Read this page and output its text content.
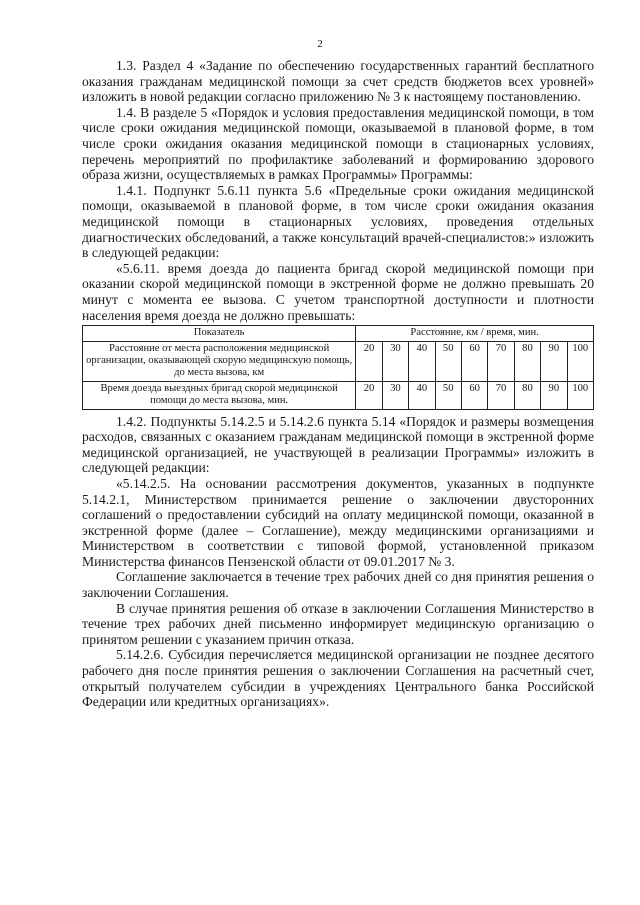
2

1.3. Раздел 4 «Задание по обеспечению государственных гарантий бесплатного оказания гражданам медицинской помощи за счет средств бюджетов всех уровней» изложить в новой редакции согласно приложению № 3 к настоящему постановлению.

1.4. В разделе 5 «Порядок и условия предоставления медицинской помощи, в том числе сроки ожидания медицинской помощи, оказываемой в плановой форме, в том числе сроки ожидания оказания медицинской помощи в стационарных условиях, перечень мероприятий по профилактике заболеваний и формированию здорового образа жизни, осуществляемых в рамках Программы» Программы:

1.4.1. Подпункт 5.6.11 пункта 5.6 «Предельные сроки ожидания медицинской помощи, оказываемой в плановой форме, в том числе сроки ожидания оказания медицинской помощи в стационарных условиях, проведения отдельных диагностических обследований, а также консультаций врачей-специалистов:» изложить в следующей редакции:

«5.6.11. время доезда до пациента бригад скорой медицинской помощи при оказании скорой медицинской помощи в экстренной форме не должно превышать 20 минут с момента ее вызова. С учетом транспортной доступности и плотности населения время доезда не должно превышать:

Показатель	Расстояние, км / время, мин.								
Расстояние от места расположения медицинской организации, оказывающей скорую медицинскую помощь, до места вызова, км	20	30	40	50	60	70	80	90	100
Время доезда выездных бригад скорой медицинской помощи до места вызова, мин.	20	30	40	50	60	70	80	90	100

1.4.2. Подпункты 5.14.2.5 и 5.14.2.6 пункта 5.14 «Порядок и размеры возмещения расходов, связанных с оказанием гражданам медицинской помощи в экстренной форме медицинской организацией, не участвующей в реализации Программы» изложить в следующей редакции:

«5.14.2.5. На основании рассмотрения документов, указанных в подпункте 5.14.2.1, Министерством принимается решение о заключении двусторонних соглашений о предоставлении субсидий на оплату медицинской помощи, оказанной в экстренной форме (далее – Соглашение), между медицинскими организациями и Министерством в соответствии с типовой формой, установленной приказом Министерства финансов Пензенской области от 09.01.2017 № 3.

Соглашение заключается в течение трех рабочих дней со дня принятия решения о заключении Соглашения.

В случае принятия решения об отказе в заключении Соглашения Министерство в течение трех рабочих дней письменно информирует медицинскую организацию о принятом решении с указанием причин отказа.

5.14.2.6. Субсидия перечисляется медицинской организации не позднее десятого рабочего дня после принятия решения о заключении Соглашения на расчетный счет, открытый получателем субсидии в учреждениях Центрального банка Российской Федерации или кредитных организациях».
